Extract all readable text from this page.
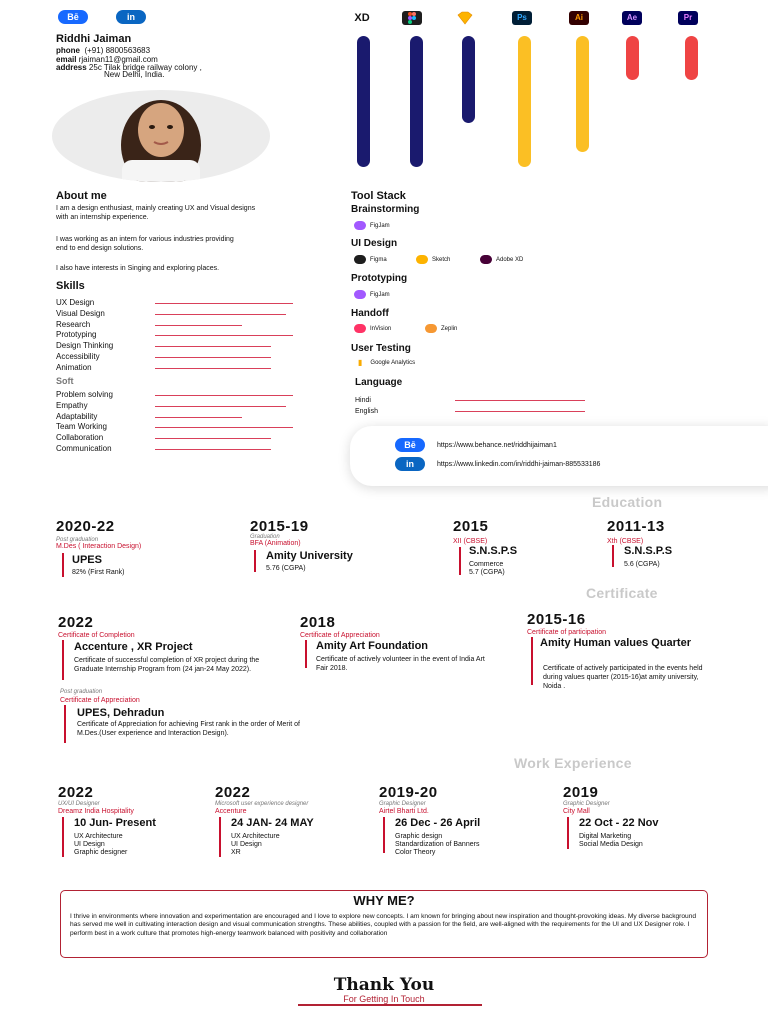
Bē	in
Riddhi Jaiman
phone (+91) 8800563683
email rjaiman11@gmail.com
address 25c Tilak bridge railway colony ,
New Delhi, India.
XD	Ps	Ai	Ae	Pr
About me
I am a design enthusiast, mainly creating UX and Visual designs with an internship experience.
I was working as an intern for various industries providing end to end design solutions.
I also have interests in Singing and exploring places.
Skills
UX Design
Visual Design
Research
Prototyping
Design Thinking
Accessibility
Animation
Soft
Problem solving
Empathy
Adaptability
Team Working
Collaboration
Communication
Tool Stack
Brainstorming
FigJam
UI Design
Figma	Sketch	Adobe XD
Prototyping
FigJam
Handoff
InVision	Zeplin
User Testing
▮ Google Analytics
Language
Hindi
English
Bē	https://www.behance.net/riddhijaiman1
in	https://www.linkedin.com/in/riddhi-jaiman-885533186
Education
2020-22
Post graduation
M.Des ( Interaction Design)
UPES
82% (First Rank)
2015-19
Graduation
BFA (Animation)
Amity University
5.76 (CGPA)
2015
XII (CBSE)
S.N.S.P.S
Commerce
5.7 (CGPA)
2011-13
Xth (CBSE)
S.N.S.P.S
5.6 (CGPA)
Certificate
2022
Certificate of Completion
Accenture , XR Project
Certificate of successful completion of XR project during the Graduate Internship Program from (24 jan-24 May 2022).
2018
Certificate of Appreciation
Amity Art Foundation
Certificate of actively volunteer in the event of India Art Fair 2018.
2015-16
Certificate of participation
Amity Human values Quarter
Certificate of actively participated in the events held during values quarter (2015-16)at amity university, Noida .
Post graduation
Certificate of Appreciation
UPES, Dehradun
Certificate of Appreciation for achieving First rank in the order of Merit of M.Des.(User experience and Interaction Design).
Work Experience
2022
UX/UI Designer
Dreamz India Hospitality
10 Jun- Present
UX Architecture
UI Design
Graphic designer
2022
Microsoft user experience designer
Accenture
24 JAN- 24 MAY
UX Architecture
UI Design
XR
2019-20
Graphic Designer
Airtel Bharti Ltd.
26 Dec - 26 April
Graphic design
Standardization of Banners
Color Theory
2019
Graphic Designer
City Mall
22 Oct - 22 Nov
Digital Marketing
Social Media Design
WHY ME?
I thrive in environments where innovation and experimentation are encouraged and I love to explore new concepts. I am known for bringing about new inspiration and thought-provoking ideas. My diverse background has served me well in cultivating interaction design and visual communication strengths. These abilities, coupled with a passion for the field, are well-aligned with the requirements for the UI and UX Designer role. I perform best in a work culture that promotes high-energy teamwork balanced with positivity and collaboration
Thank You
For Getting In Touch
